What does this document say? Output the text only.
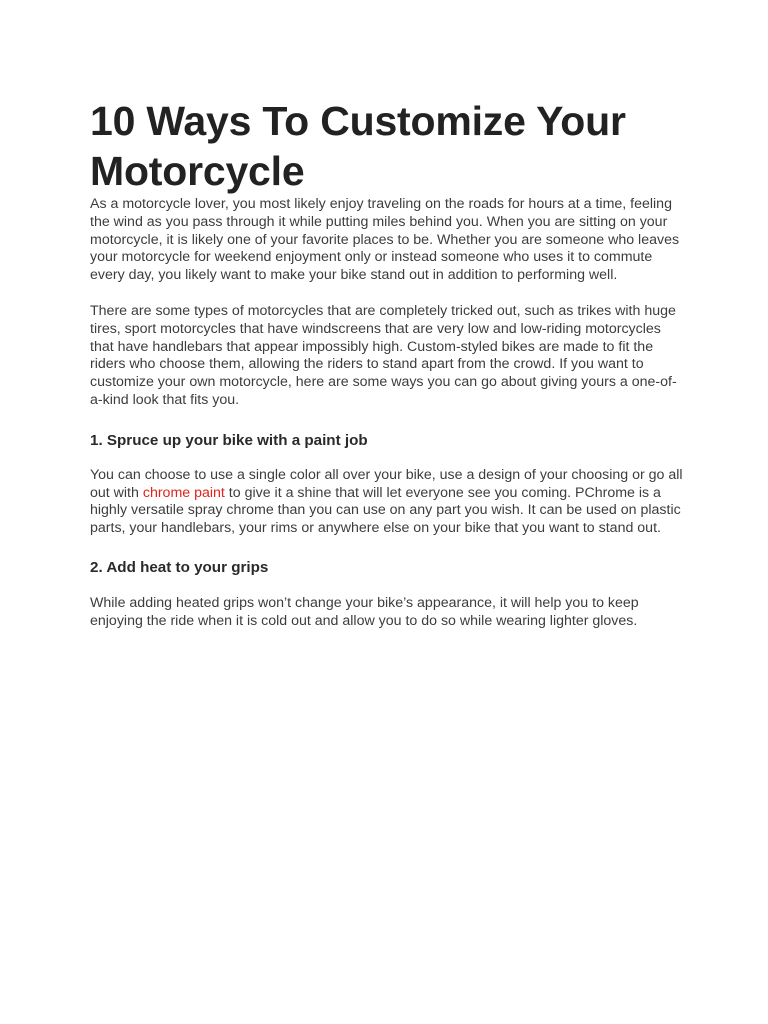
10 Ways To Customize Your Motorcycle

As a motorcycle lover, you most likely enjoy traveling on the roads for hours at a time, feeling the wind as you pass through it while putting miles behind you. When you are sitting on your motorcycle, it is likely one of your favorite places to be. Whether you are someone who leaves your motorcycle for weekend enjoyment only or instead someone who uses it to commute every day, you likely want to make your bike stand out in addition to performing well.

There are some types of motorcycles that are completely tricked out, such as trikes with huge tires, sport motorcycles that have windscreens that are very low and low-riding motorcycles that have handlebars that appear impossibly high. Custom-styled bikes are made to fit the riders who choose them, allowing the riders to stand apart from the crowd. If you want to customize your own motorcycle, here are some ways you can go about giving yours a one-of-a-kind look that fits you.

1. Spruce up your bike with a paint job

You can choose to use a single color all over your bike, use a design of your choosing or go all out with chrome paint to give it a shine that will let everyone see you coming. PChrome is a highly versatile spray chrome than you can use on any part you wish. It can be used on plastic parts, your handlebars, your rims or anywhere else on your bike that you want to stand out.

2. Add heat to your grips

While adding heated grips won’t change your bike’s appearance, it will help you to keep enjoying the ride when it is cold out and allow you to do so while wearing lighter gloves.
